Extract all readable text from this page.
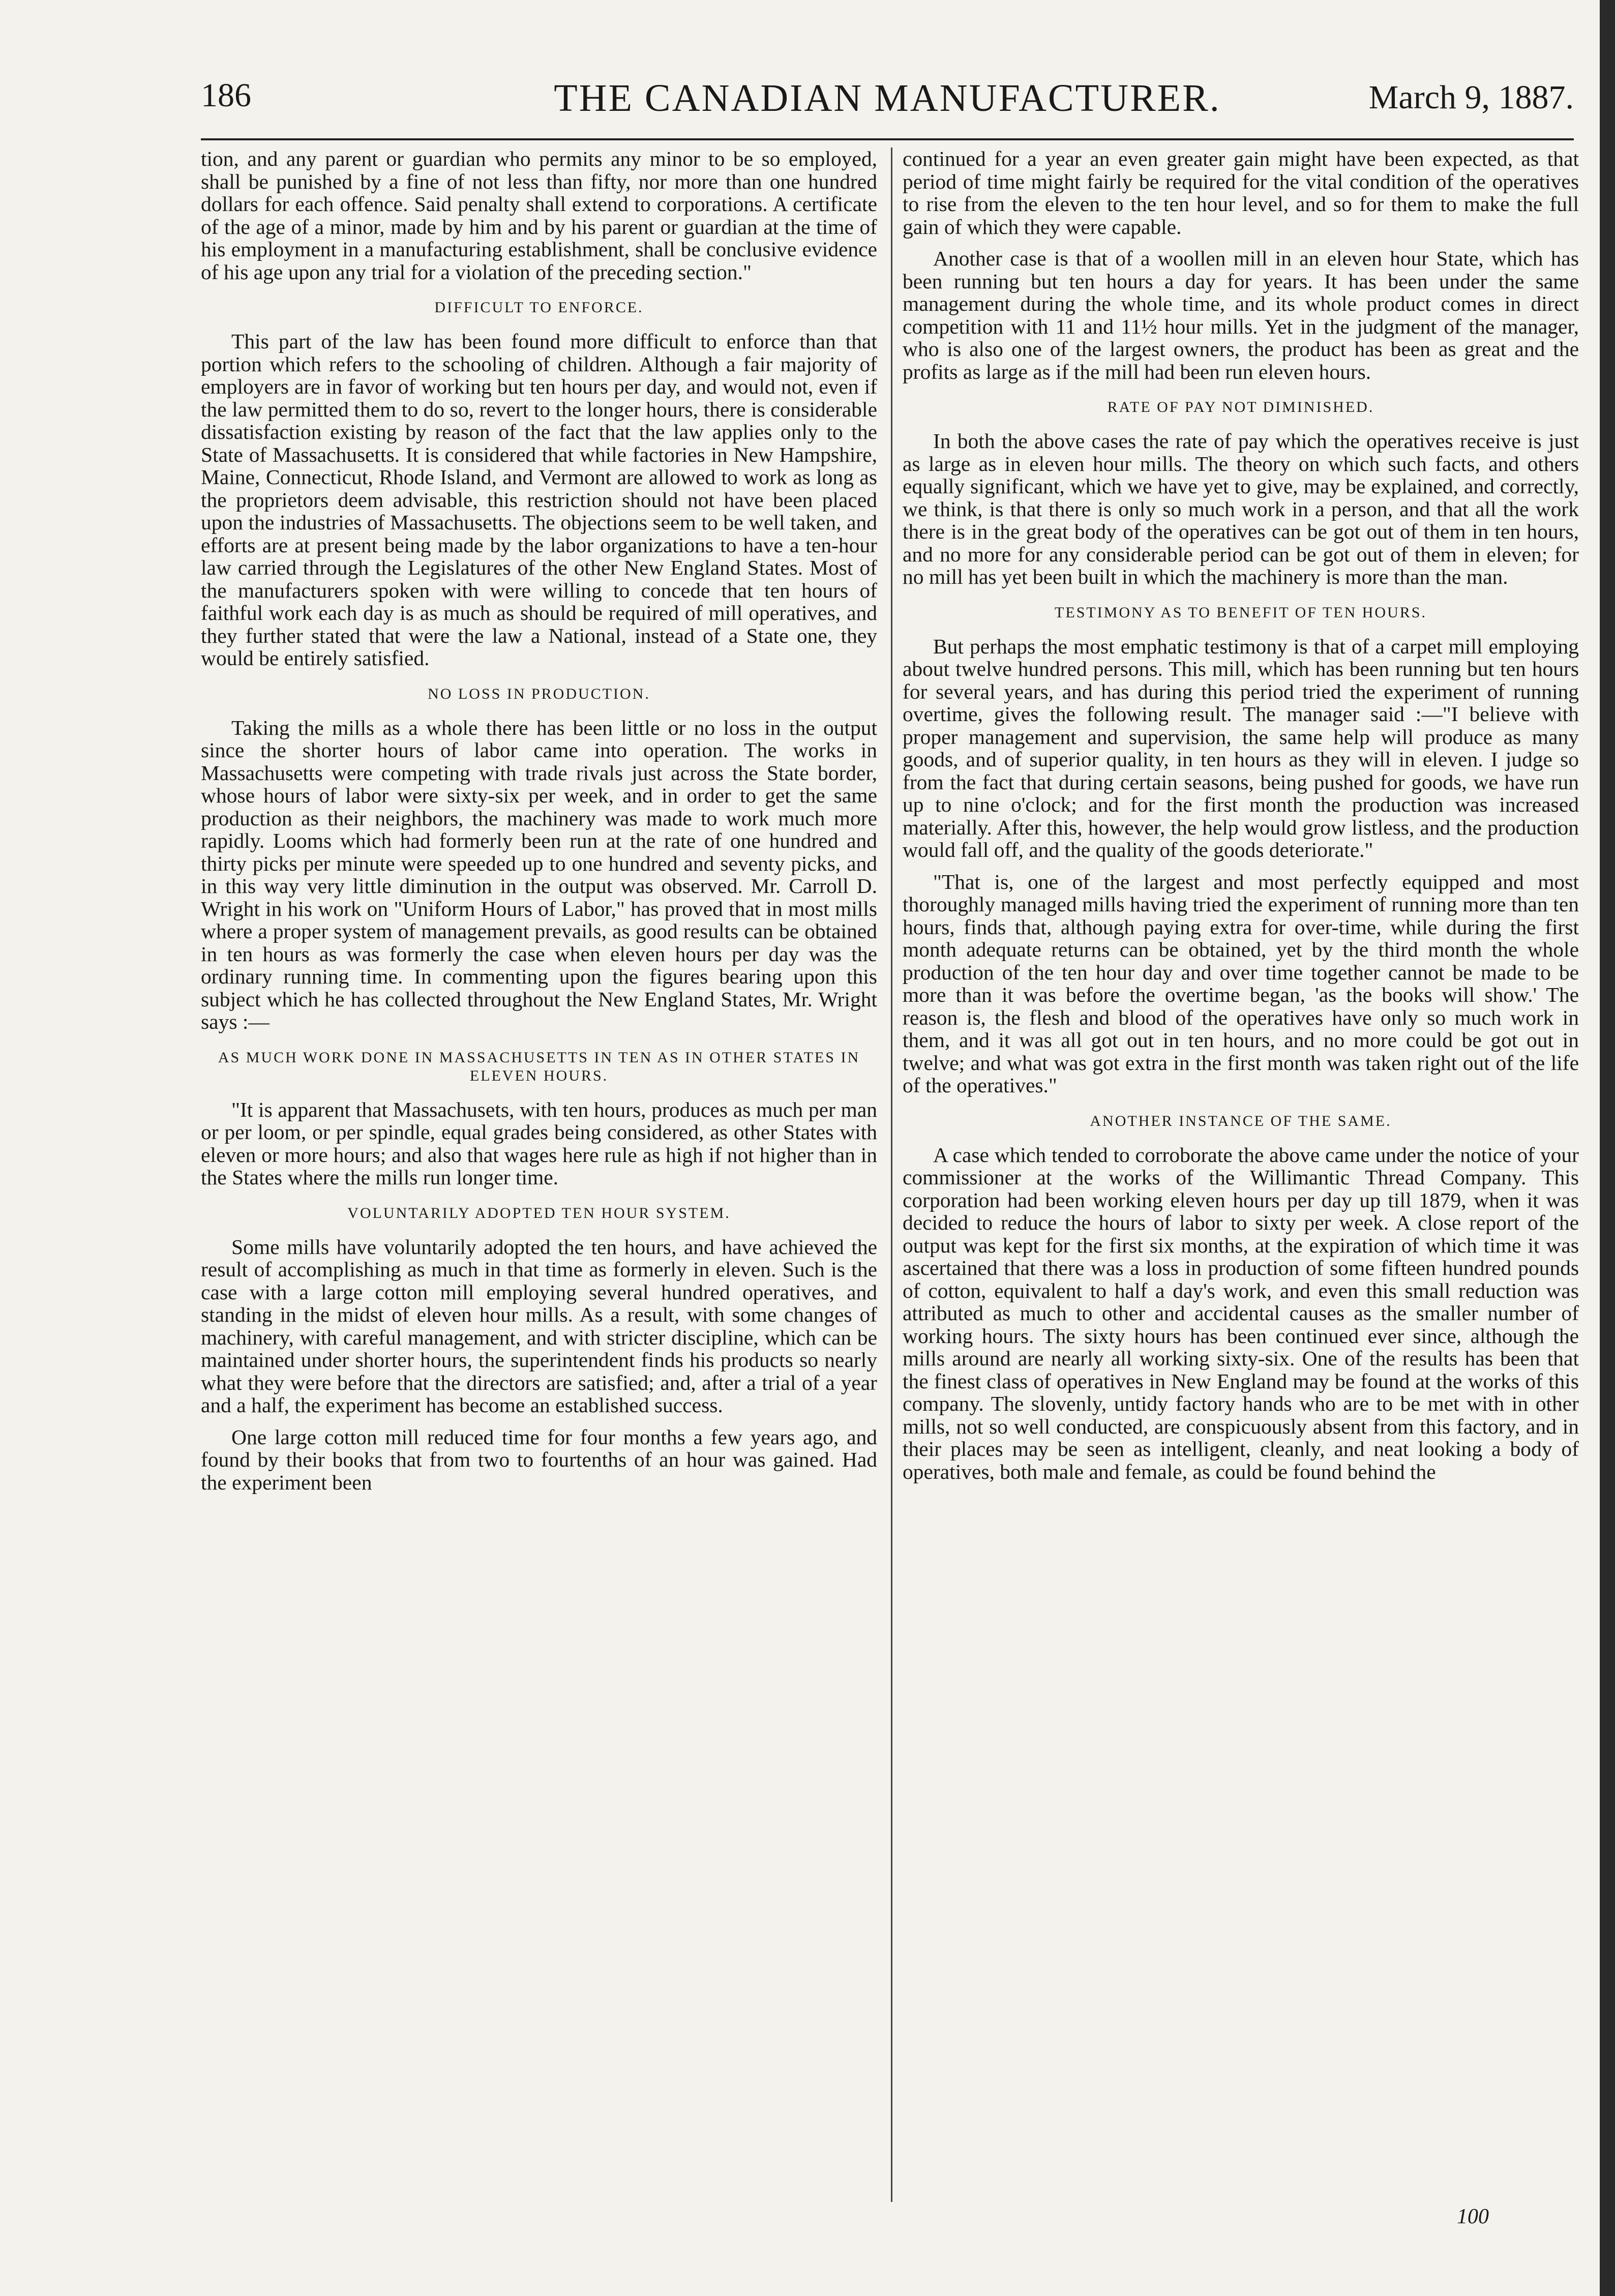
186	THE CANADIAN MANUFACTURER.	March 9, 1887.

tion, and any parent or guardian who permits any minor to be so employed, shall be punished by a fine of not less than fifty, nor more than one hundred dollars for each offence. Said penalty shall extend to corporations. A certificate of the age of a minor, made by him and by his parent or guardian at the time of his employment in a manufacturing establishment, shall be conclusive evidence of his age upon any trial for a violation of the preceding section."

DIFFICULT TO ENFORCE.

This part of the law has been found more difficult to enforce than that portion which refers to the schooling of children. Although a fair majority of employers are in favor of working but ten hours per day, and would not, even if the law permitted them to do so, revert to the longer hours, there is considerable dissatisfaction existing by reason of the fact that the law applies only to the State of Massachusetts. It is considered that while factories in New Hampshire, Maine, Connecticut, Rhode Island, and Vermont are allowed to work as long as the proprietors deem advisable, this restriction should not have been placed upon the industries of Massachusetts. The objections seem to be well taken, and efforts are at present being made by the labor organizations to have a ten-hour law carried through the Legislatures of the other New England States. Most of the manufacturers spoken with were willing to concede that ten hours of faithful work each day is as much as should be required of mill operatives, and they further stated that were the law a National, instead of a State one, they would be entirely satisfied.

NO LOSS IN PRODUCTION.

Taking the mills as a whole there has been little or no loss in the output since the shorter hours of labor came into operation. The works in Massachusetts were competing with trade rivals just across the State border, whose hours of labor were sixty-six per week, and in order to get the same production as their neighbors, the machinery was made to work much more rapidly. Looms which had formerly been run at the rate of one hundred and thirty picks per minute were speeded up to one hundred and seventy picks, and in this way very little diminution in the output was observed. Mr. Carroll D. Wright in his work on "Uniform Hours of Labor," has proved that in most mills where a proper system of management prevails, as good results can be obtained in ten hours as was formerly the case when eleven hours per day was the ordinary running time. In commenting upon the figures bearing upon this subject which he has collected throughout the New England States, Mr. Wright says :—

AS MUCH WORK DONE IN MASSACHUSETTS IN TEN AS IN OTHER STATES IN ELEVEN HOURS.

"It is apparent that Massachusets, with ten hours, produces as much per man or per loom, or per spindle, equal grades being considered, as other States with eleven or more hours; and also that wages here rule as high if not higher than in the States where the mills run longer time.

VOLUNTARILY ADOPTED TEN HOUR SYSTEM.

Some mills have voluntarily adopted the ten hours, and have achieved the result of accomplishing as much in that time as formerly in eleven. Such is the case with a large cotton mill employing several hundred operatives, and standing in the midst of eleven hour mills. As a result, with some changes of machinery, with careful management, and with stricter discipline, which can be maintained under shorter hours, the superintendent finds his products so nearly what they were before that the directors are satisfied; and, after a trial of a year and a half, the experiment has become an established success.

One large cotton mill reduced time for four months a few years ago, and found by their books that from two to fourtenths of an hour was gained. Had the experiment been

continued for a year an even greater gain might have been expected, as that period of time might fairly be required for the vital condition of the operatives to rise from the eleven to the ten hour level, and so for them to make the full gain of which they were capable.

Another case is that of a woollen mill in an eleven hour State, which has been running but ten hours a day for years. It has been under the same management during the whole time, and its whole product comes in direct competition with 11 and 11½ hour mills. Yet in the judgment of the manager, who is also one of the largest owners, the product has been as great and the profits as large as if the mill had been run eleven hours.

RATE OF PAY NOT DIMINISHED.

In both the above cases the rate of pay which the operatives receive is just as large as in eleven hour mills. The theory on which such facts, and others equally significant, which we have yet to give, may be explained, and correctly, we think, is that there is only so much work in a person, and that all the work there is in the great body of the operatives can be got out of them in ten hours, and no more for any considerable period can be got out of them in eleven; for no mill has yet been built in which the machinery is more than the man.

TESTIMONY AS TO BENEFIT OF TEN HOURS.

But perhaps the most emphatic testimony is that of a carpet mill employing about twelve hundred persons. This mill, which has been running but ten hours for several years, and has during this period tried the experiment of running overtime, gives the following result. The manager said :—"I believe with proper management and supervision, the same help will produce as many goods, and of superior quality, in ten hours as they will in eleven. I judge so from the fact that during certain seasons, being pushed for goods, we have run up to nine o'clock; and for the first month the production was increased materially. After this, however, the help would grow listless, and the production would fall off, and the quality of the goods deteriorate."

"That is, one of the largest and most perfectly equipped and most thoroughly managed mills having tried the experiment of running more than ten hours, finds that, although paying extra for over-time, while during the first month adequate returns can be obtained, yet by the third month the whole production of the ten hour day and over time together cannot be made to be more than it was before the overtime began, 'as the books will show.' The reason is, the flesh and blood of the operatives have only so much work in them, and it was all got out in ten hours, and no more could be got out in twelve; and what was got extra in the first month was taken right out of the life of the operatives."

ANOTHER INSTANCE OF THE SAME.

A case which tended to corroborate the above came under the notice of your commissioner at the works of the Willimantic Thread Company. This corporation had been working eleven hours per day up till 1879, when it was decided to reduce the hours of labor to sixty per week. A close report of the output was kept for the first six months, at the expiration of which time it was ascertained that there was a loss in production of some fifteen hundred pounds of cotton, equivalent to half a day's work, and even this small reduction was attributed as much to other and accidental causes as the smaller number of working hours. The sixty hours has been continued ever since, although the mills around are nearly all working sixty-six. One of the results has been that the finest class of operatives in New England may be found at the works of this company. The slovenly, untidy factory hands who are to be met with in other mills, not so well conducted, are conspicuously absent from this factory, and in their places may be seen as intelligent, cleanly, and neat looking a body of operatives, both male and female, as could be found behind the

100
